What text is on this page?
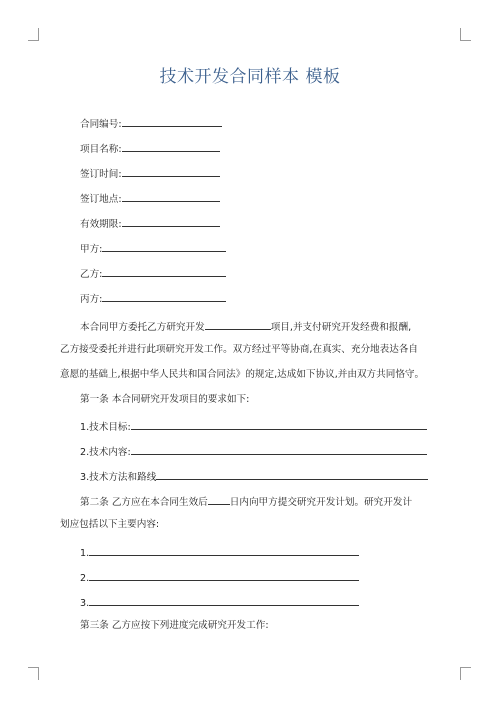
技术开发合同样本 模板
合同编号:
项目名称:
签订时间:
签订地点:
有效期限:
甲方:
乙方:
丙方:
本合同甲方委托乙方研究开发	项目,并支付研究开发经费和报酬,
乙方接受委托并进行此项研究开发工作。双方经过平等协商,在真实、充分地表达各自
意愿的基础上,根据中华人民共和国合同法》的规定,达成如下协议,并由双方共同恪守。
第一条 本合同研究开发项目的要求如下:
1.技术目标:
2.技术内容:
3.技术方法和路线
第二条 乙方应在本合同生效后 日内向甲方提交研究开发计划。研究开发计
划应包括以下主要内容:
1.
2.
3.
第三条 乙方应按下列进度完成研究开发工作:
